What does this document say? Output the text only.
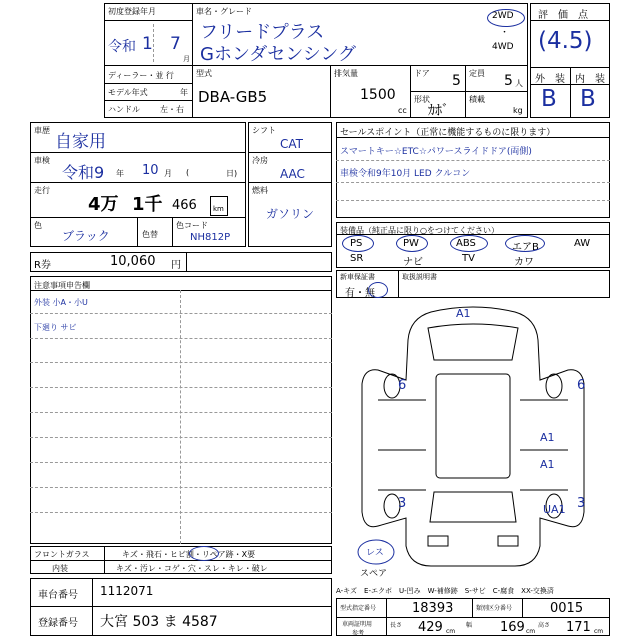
初度登録年月
令和 1 7
月
車名・グレード
フリードプラス
Gホンダセンシング
2WD
・
4WD
ディーラー・並 行
モデル年式	年
ハンドル	左・右
型式
DBA-GB5
排気量
1500
cc
ドア 5 定員 5 人
形状
ｶﾎﾞ
積載
kg
評　価　点
(4.5)
外　装 内　装
B B
車歴
自家用
車検
令和9 年 10 月 (	日)
走行
4万 1千 466 km
色
ブラック	色替
色コード
NH812P
シフト
CAT
冷房
AAC
燃料
ガソリン
R券	10,060 円
セールスポイント（正常に機能するものに限ります）
スマートキー☆ETC☆パワースライドドア(両側)
車検令和9年10月 LED クルコン
装備品（純正品に限り○をつけてください）
PS	PW	ABS	エアB	AW
SR	ナビ	TV	カワ
新車保証書
有・無
取扱説明書
注意事項申告欄
外装 小A・小U
下廻り サビ
A1
6	6
A1
A1
3	3
UA1
レス
スペア
フロントガラス	キズ・飛石・ヒビ割・リペア跡・X要
内装	キズ・汚レ・コゲ・穴・スレ・キレ・破レ
車台番号 1112071
登録番号 大宮 503 ま 4587
A-キズ　E-エクボ　U-凹み　W-補修跡　S-サビ　C-腐食　XX-交換済
型式指定番号	18393	類別区分番号	0015
車両証明用
参考
長さ 429 cm
幅 169 cm
高さ 171 cm
